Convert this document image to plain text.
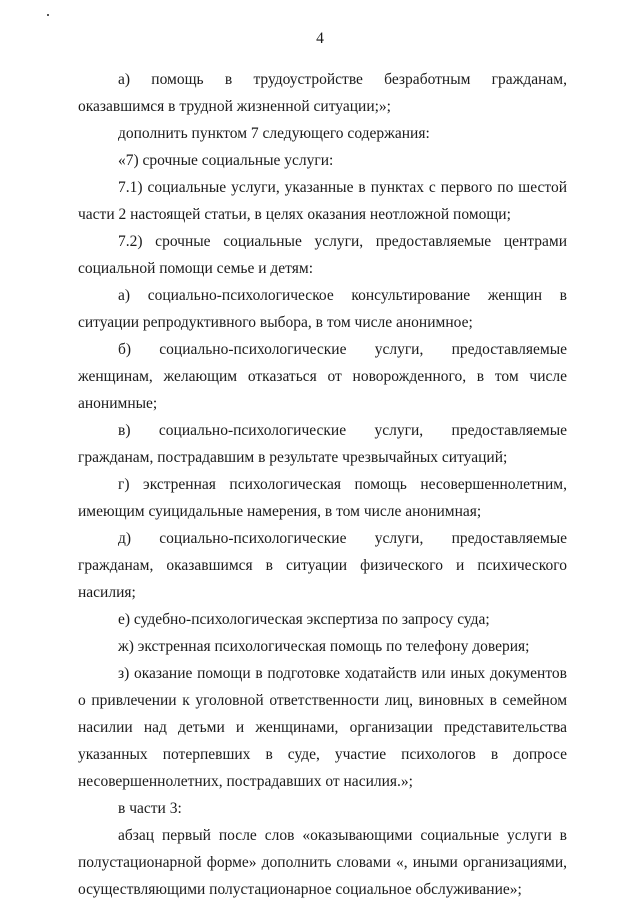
4

а) помощь в трудоустройстве безработным гражданам, оказавшимся в трудной жизненной ситуации;»;

дополнить пунктом 7 следующего содержания:

«7) срочные социальные услуги:

7.1) социальные услуги, указанные в пунктах с первого по шестой части 2 настоящей статьи, в целях оказания неотложной помощи;

7.2) срочные социальные услуги, предоставляемые центрами социальной помощи семье и детям:

а) социально-психологическое консультирование женщин в ситуации репродуктивного выбора, в том числе анонимное;

б) социально-психологические услуги, предоставляемые женщинам, желающим отказаться от новорожденного, в том числе анонимные;

в) социально-психологические услуги, предоставляемые гражданам, пострадавшим в результате чрезвычайных ситуаций;

г) экстренная психологическая помощь несовершеннолетним, имеющим суицидальные намерения, в том числе анонимная;

д) социально-психологические услуги, предоставляемые гражданам, оказавшимся в ситуации физического и психического насилия;

е) судебно-психологическая экспертиза по запросу суда;

ж) экстренная психологическая помощь по телефону доверия;

з) оказание помощи в подготовке ходатайств или иных документов о привлечении к уголовной ответственности лиц, виновных в семейном насилии над детьми и женщинами, организации представительства указанных потерпевших в суде, участие психологов в допросе несовершеннолетних, пострадавших от насилия.»;

в части 3:

абзац первый после слов «оказывающими социальные услуги в полустационарной форме» дополнить словами «, иными организациями, осуществляющими полустационарное социальное обслуживание»;
